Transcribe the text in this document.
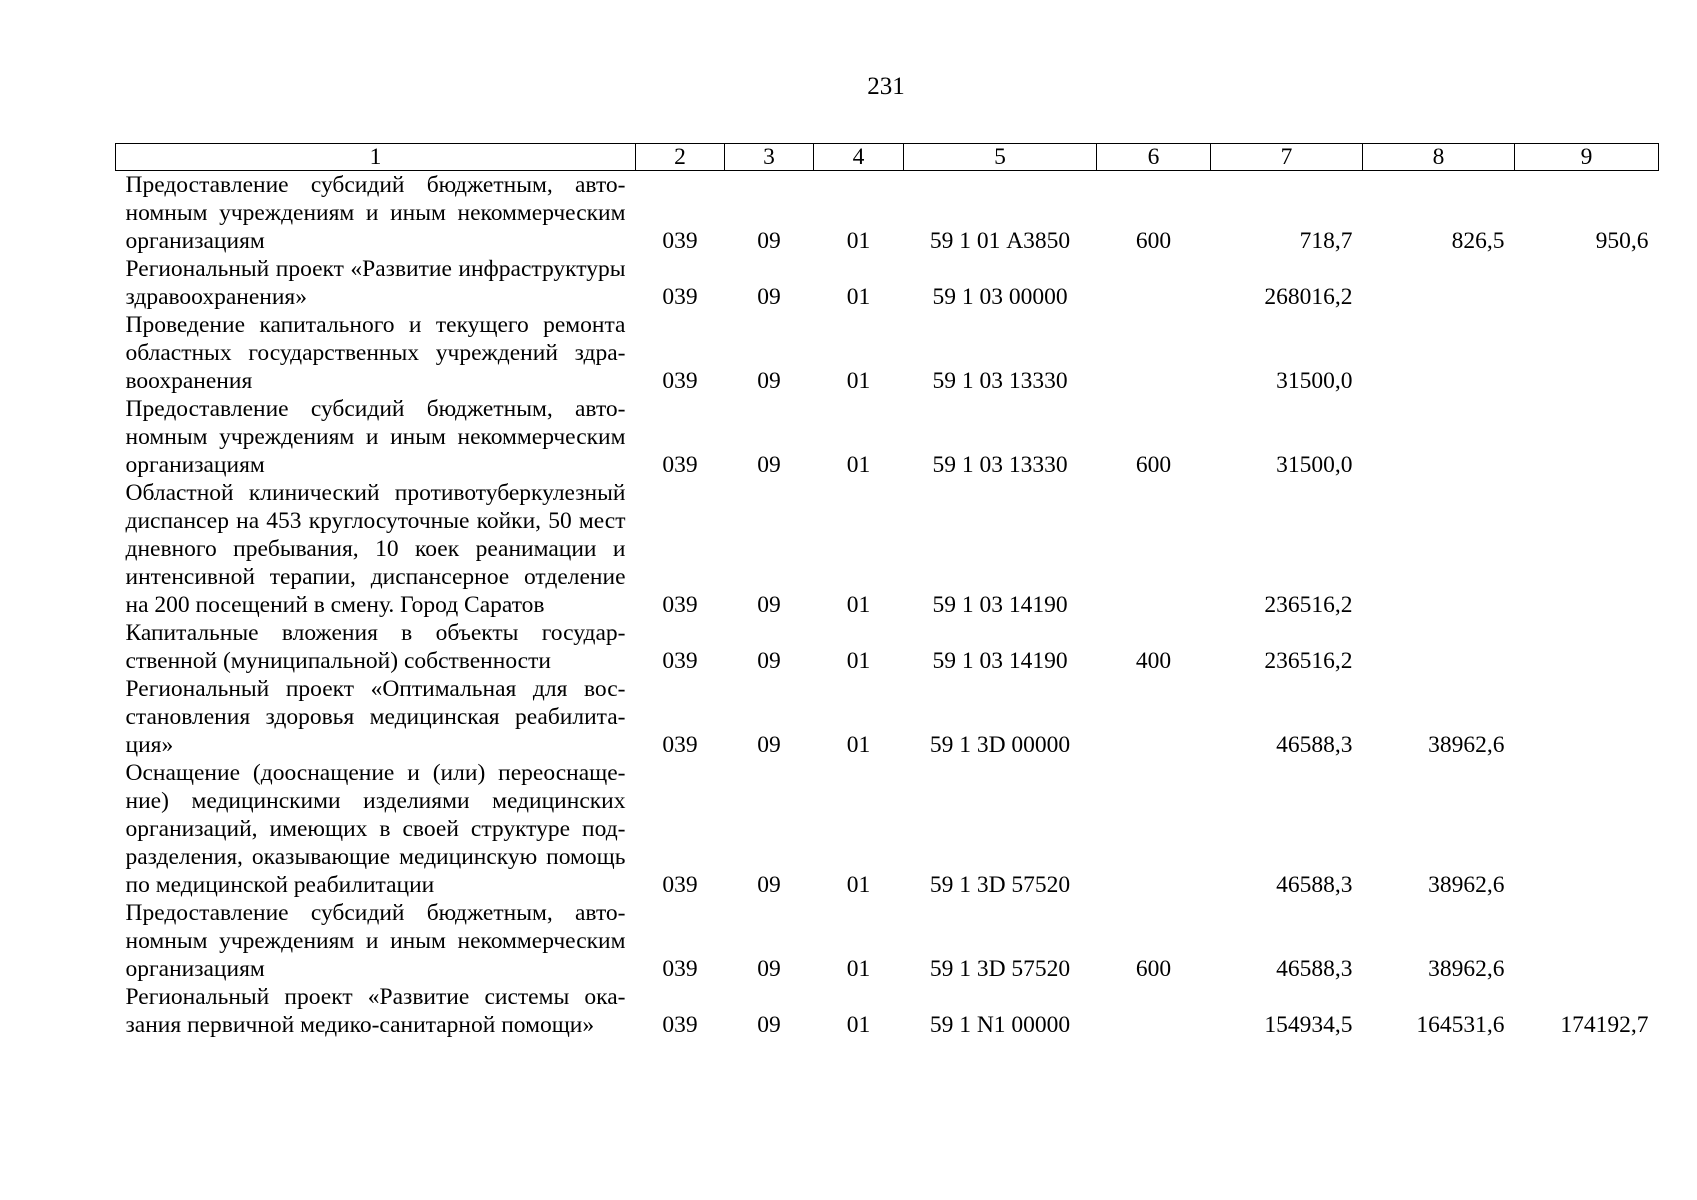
231
1	2	3	4	5	6	7	8	9
Предоставление субсидий бюджетным, автономным учреждениям и иным некоммерческим организациям	039	09	01	59 1 01 А3850	600	718,7	826,5	950,6
Региональный проект «Развитие инфраструктуры здравоохранения»	039	09	01	59 1 03 00000		268016,2		
Проведение капитального и текущего ремонта областных государственных учреждений здравоохранения	039	09	01	59 1 03 13330		31500,0		
Предоставление субсидий бюджетным, автономным учреждениям и иным некоммерческим организациям	039	09	01	59 1 03 13330	600	31500,0		
Областной клинический противотуберкулезный диспансер на 453 круглосуточные койки, 50 мест дневного пребывания, 10 коек реанимации и интенсивной терапии, диспансерное отделение на 200 посещений в смену. Город Саратов	039	09	01	59 1 03 14190		236516,2		
Капитальные вложения в объекты государственной (муниципальной) собственности	039	09	01	59 1 03 14190	400	236516,2		
Региональный проект «Оптимальная для восстановления здоровья медицинская реабилитация»	039	09	01	59 1 3D 00000		46588,3	38962,6	
Оснащение (дооснащение и (или) переоснащение) медицинскими изделиями медицинских организаций, имеющих в своей структуре подразделения, оказывающие медицинскую помощь по медицинской реабилитации	039	09	01	59 1 3D 57520		46588,3	38962,6	
Предоставление субсидий бюджетным, автономным учреждениям и иным некоммерческим организациям	039	09	01	59 1 3D 57520	600	46588,3	38962,6	
Региональный проект «Развитие системы оказания первичной медико-санитарной помощи»	039	09	01	59 1 N1 00000		154934,5	164531,6	174192,7
